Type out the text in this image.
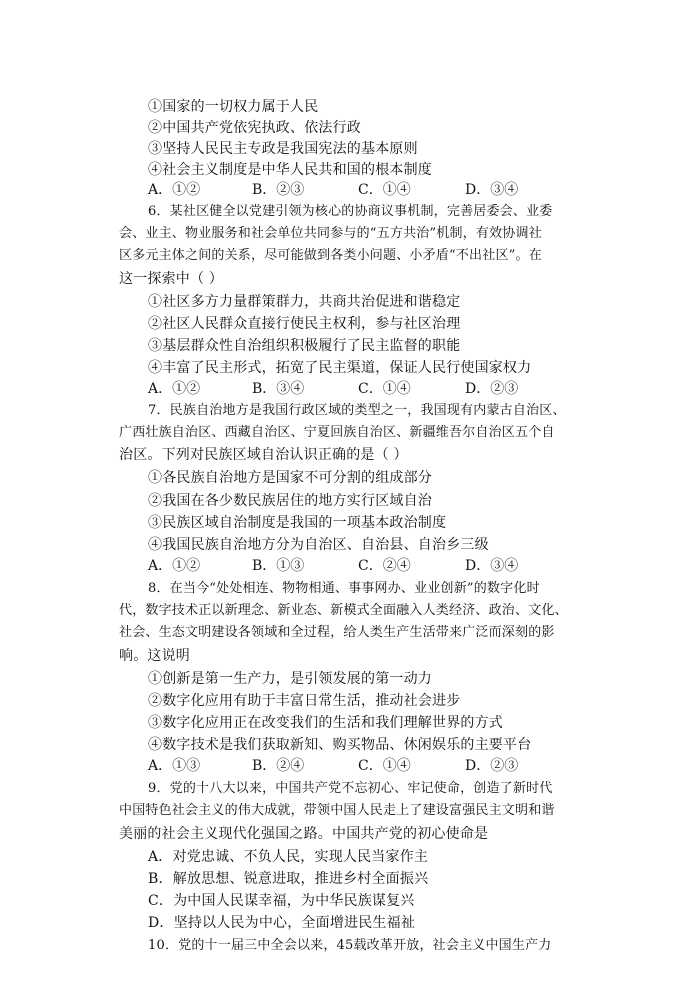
①国家的一切权力属于人民
②中国共产党依宪执政、依法行政
③坚持人民民主专政是我国宪法的基本原则
④社会主义制度是中华人民共和国的根本制度
A．①②	B．②③	C．①④	D．③④
6．某社区健全以党建引领为核心的协商议事机制，完善居委会、业委
会、业主、物业服务和社会单位共同参与的“五方共治”机制，有效协调社
区多元主体之间的关系，尽可能做到各类小问题、小矛盾“不出社区”。在
这一探索中（ ）
①社区多方力量群策群力，共商共治促进和谐稳定
②社区人民群众直接行使民主权利，参与社区治理
③基层群众性自治组织积极履行了民主监督的职能
④丰富了民主形式，拓宽了民主渠道，保证人民行使国家权力
A．①②	B．③④	C．①④	D．②③
7．民族自治地方是我国行政区域的类型之一，我国现有内蒙古自治区、
广西壮族自治区、西藏自治区、宁夏回族自治区、新疆维吾尔自治区五个自
治区。下列对民族区域自治认识正确的是（ ）
①各民族自治地方是国家不可分割的组成部分
②我国在各少数民族居住的地方实行区域自治
③民族区域自治制度是我国的一项基本政治制度
④我国民族自治地方分为自治区、自治县、自治乡三级
A．①②	B．①③	C．②④	D．③④
8．在当今“处处相连、物物相通、事事网办、业业创新”的数字化时
代，数字技术正以新理念、新业态、新模式全面融入人类经济、政治、文化、
社会、生态文明建设各领域和全过程，给人类生产生活带来广泛而深刻的影
响。这说明
①创新是第一生产力，是引领发展的第一动力
②数字化应用有助于丰富日常生活，推动社会进步
③数字化应用正在改变我们的生活和我们理解世界的方式
④数字技术是我们获取新知、购买物品、休闲娱乐的主要平台
A．①③	B．②④	C．①④	D．②③
9．党的十八大以来，中国共产党不忘初心、牢记使命，创造了新时代
中国特色社会主义的伟大成就，带领中国人民走上了建设富强民主文明和谐
美丽的社会主义现代化强国之路。中国共产党的初心使命是
A．对党忠诚、不负人民，实现人民当家作主
B．解放思想、锐意进取，推进乡村全面振兴
C．为中国人民谋幸福，为中华民族谋复兴
D．坚持以人民为中心，全面增进民生福祉
10．党的十一届三中全会以来，45载改革开放，社会主义中国生产力
